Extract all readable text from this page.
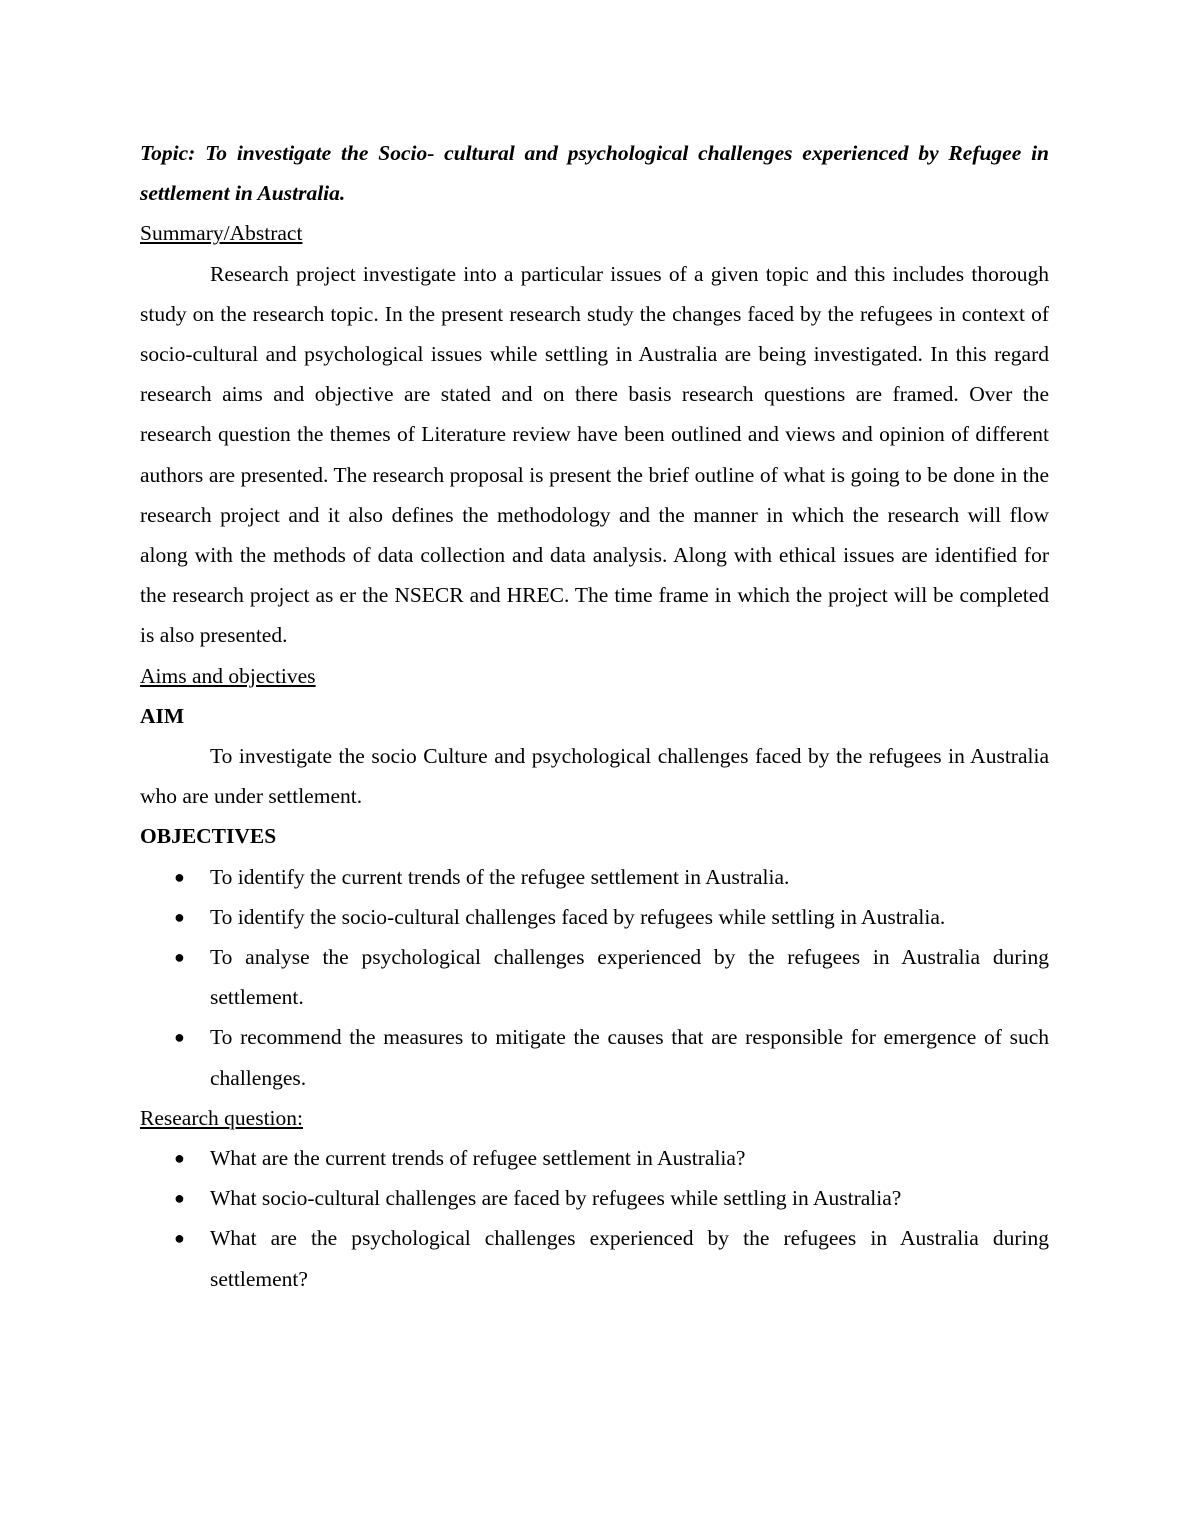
Topic: To investigate the Socio- cultural and psychological challenges experienced by Refugee in settlement in Australia.

Summary/Abstract

Research project investigate into a particular issues of a given topic and this includes thorough study on the research topic. In the present research study the changes faced by the refugees in context of socio-cultural and psychological issues while settling in Australia are being investigated. In this regard research aims and objective are stated and on there basis research questions are framed. Over the research question the themes of Literature review have been outlined and views and opinion of different authors are presented. The research proposal is present the brief outline of what is going to be done in the research project and it also defines the methodology and the manner in which the research will flow along with the methods of data collection and data analysis. Along with ethical issues are identified for the research project as er the NSECR and HREC. The time frame in which the project will be completed is also presented.

Aims and objectives

AIM

To investigate the socio Culture and psychological challenges faced by the refugees in Australia who are under settlement.

OBJECTIVES

● To identify the current trends of the refugee settlement in Australia.
● To identify the socio-cultural challenges faced by refugees while settling in Australia.
● To analyse the psychological challenges experienced by the refugees in Australia during settlement.
● To recommend the measures to mitigate the causes that are responsible for emergence of such challenges.

Research question:

● What are the current trends of refugee settlement in Australia?
● What socio-cultural challenges are faced by refugees while settling in Australia?
● What are the psychological challenges experienced by the refugees in Australia during settlement?
